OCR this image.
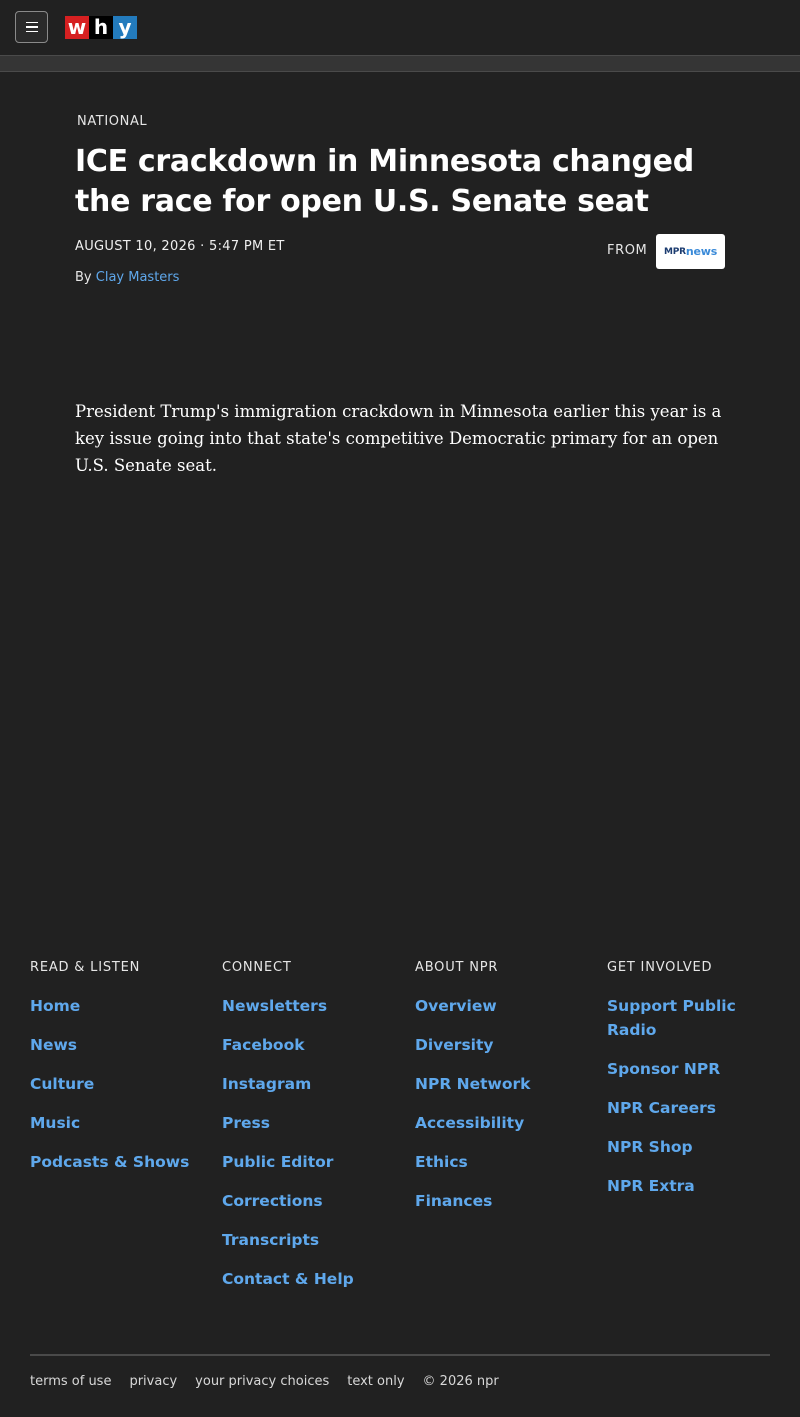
w h y
NATIONAL
ICE crackdown in Minnesota changed the race for open U.S. Senate seat
AUGUST 10, 2026 · 5:47 PM ET
By Clay Masters
FROM MPR news

President Trump's immigration crackdown in Minnesota earlier this year is a key issue going into that state's competitive Democratic primary for an open U.S. Senate seat.

READ & LISTEN
Home
News
Culture
Music
Podcasts & Shows
CONNECT
Newsletters
Facebook
Instagram
Press
Public Editor
Corrections
Transcripts
Contact & Help
ABOUT NPR
Overview
Diversity
NPR Network
Accessibility
Ethics
Finances
GET INVOLVED
Support Public Radio
Sponsor NPR
NPR Careers
NPR Shop
NPR Extra
terms of use privacy your privacy choices text only © 2026 npr
